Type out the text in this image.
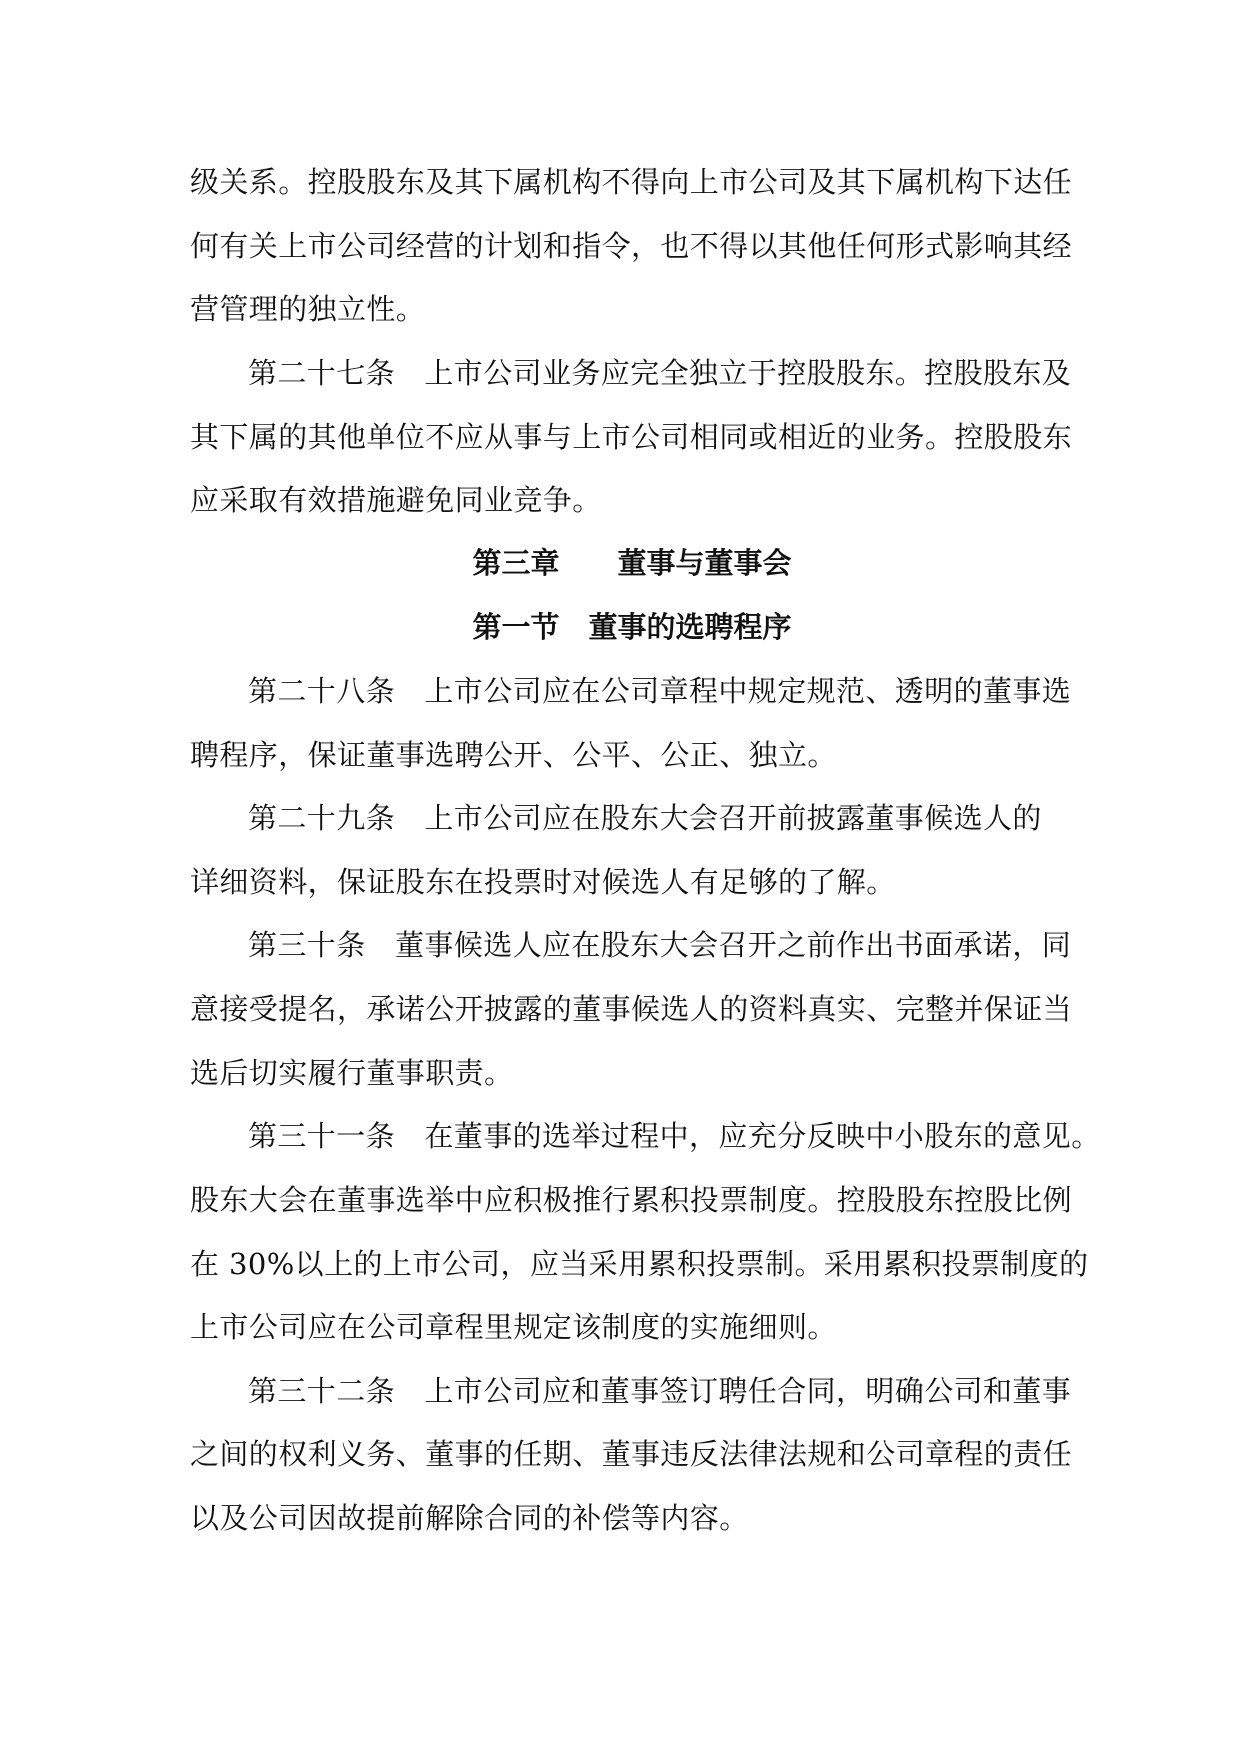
级关系。控股股东及其下属机构不得向上市公司及其下属机构下达任
何有关上市公司经营的计划和指令，也不得以其他任何形式影响其经
营管理的独立性。
第二十七条　上市公司业务应完全独立于控股股东。控股股东及
其下属的其他单位不应从事与上市公司相同或相近的业务。控股股东
应采取有效措施避免同业竞争。
第三章　　董事与董事会
第一节　董事的选聘程序
第二十八条　上市公司应在公司章程中规定规范、透明的董事选
聘程序，保证董事选聘公开、公平、公正、独立。
第二十九条　上市公司应在股东大会召开前披露董事候选人的
详细资料，保证股东在投票时对候选人有足够的了解。
第三十条　董事候选人应在股东大会召开之前作出书面承诺，同
意接受提名，承诺公开披露的董事候选人的资料真实、完整并保证当
选后切实履行董事职责。
第三十一条　在董事的选举过程中，应充分反映中小股东的意见。
股东大会在董事选举中应积极推行累积投票制度。控股股东控股比例
在 30%以上的上市公司，应当采用累积投票制。采用累积投票制度的
上市公司应在公司章程里规定该制度的实施细则。
第三十二条　上市公司应和董事签订聘任合同，明确公司和董事
之间的权利义务、董事的任期、董事违反法律法规和公司章程的责任
以及公司因故提前解除合同的补偿等内容。
